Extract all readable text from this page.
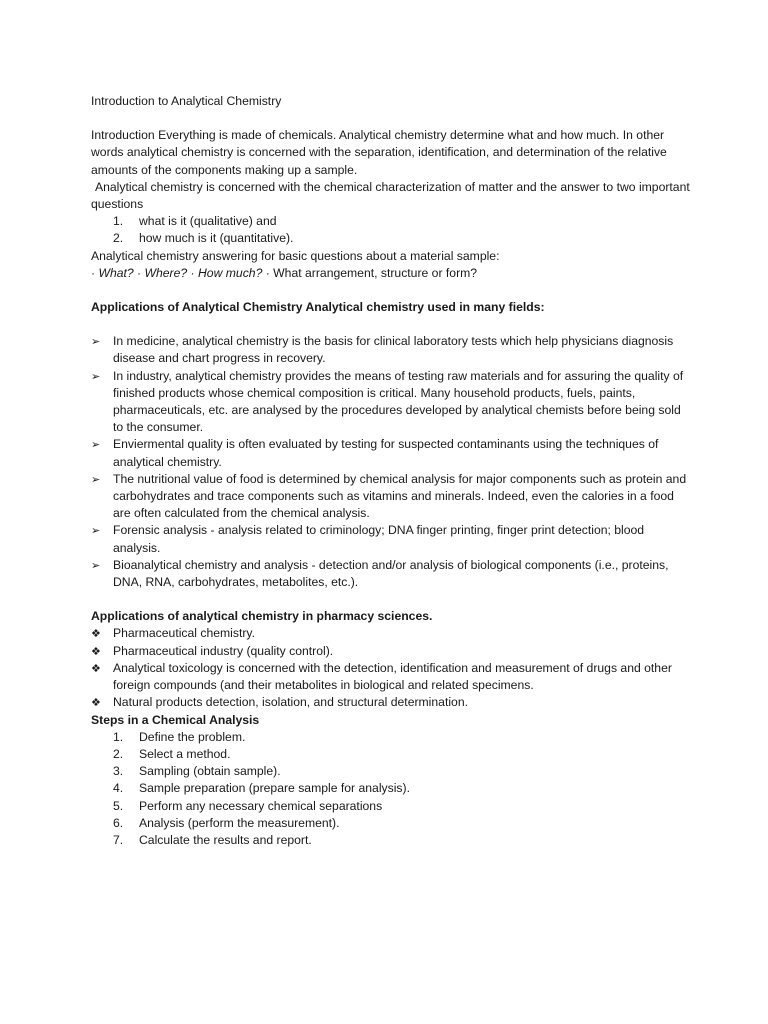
Introduction to Analytical Chemistry

Introduction Everything is made of chemicals. Analytical chemistry determine what and how much. In other words analytical chemistry is concerned with the separation, identification, and determination of the relative amounts of the components making up a sample.

Analytical chemistry is concerned with the chemical characterization of matter and the answer to two important questions

1. what is it (qualitative) and
2. how much is it (quantitative).

Analytical chemistry answering for basic questions about a material sample:

· What? · Where? · How much? · What arrangement, structure or form?

Applications of Analytical Chemistry Analytical chemistry used in many fields:

➢ In medicine, analytical chemistry is the basis for clinical laboratory tests which help physicians diagnosis disease and chart progress in recovery.
➢ In industry, analytical chemistry provides the means of testing raw materials and for assuring the quality of finished products whose chemical composition is critical. Many household products, fuels, paints, pharmaceuticals, etc. are analysed by the procedures developed by analytical chemists before being sold to the consumer.
➢ Enviermental quality is often evaluated by testing for suspected contaminants using the techniques of analytical chemistry.
➢ The nutritional value of food is determined by chemical analysis for major components such as protein and carbohydrates and trace components such as vitamins and minerals. Indeed, even the calories in a food are often calculated from the chemical analysis.
➢ Forensic analysis - analysis related to criminology; DNA finger printing, finger print detection; blood analysis.
➢ Bioanalytical chemistry and analysis - detection and/or analysis of biological components (i.e., proteins, DNA, RNA, carbohydrates, metabolites, etc.).

Applications of analytical chemistry in pharmacy sciences.

❖ Pharmaceutical chemistry.
❖ Pharmaceutical industry (quality control).
❖ Analytical toxicology is concerned with the detection, identification and measurement of drugs and other foreign compounds (and their metabolites in biological and related specimens.
❖ Natural products detection, isolation, and structural determination.

Steps in a Chemical Analysis

1. Define the problem.
2. Select a method.
3. Sampling (obtain sample).
4. Sample preparation (prepare sample for analysis).
5. Perform any necessary chemical separations
6. Analysis (perform the measurement).
7. Calculate the results and report.
